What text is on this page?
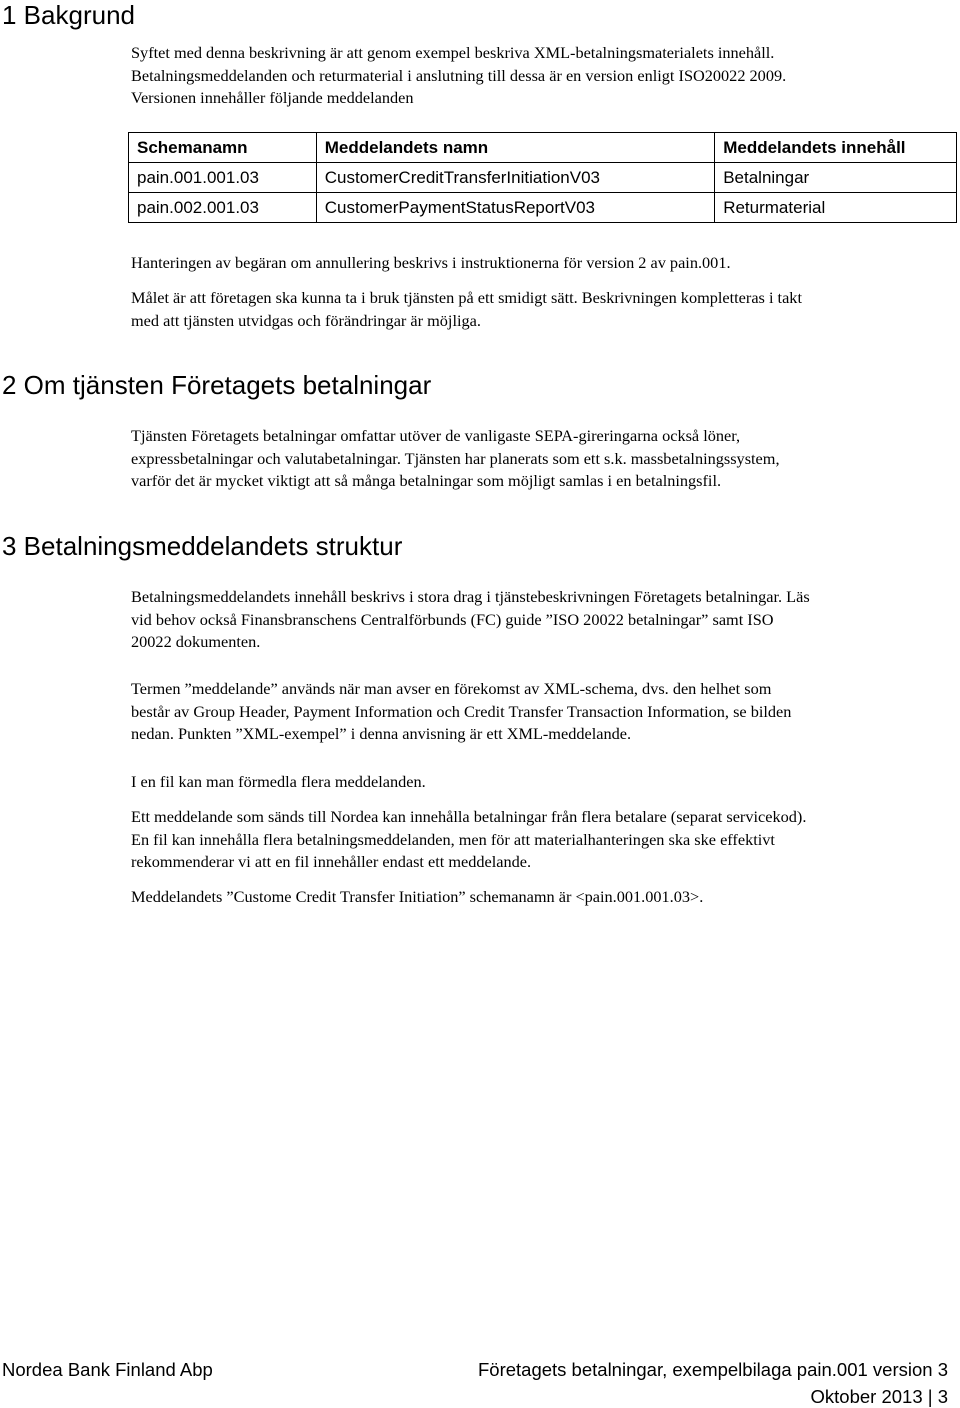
1 Bakgrund

Syftet med denna beskrivning är att genom exempel beskriva XML-betalningsmaterialets innehåll.
Betalningsmeddelanden och returmaterial i anslutning till dessa är en version enligt ISO20022 2009.
Versionen innehåller följande meddelanden

Schemanamn	Meddelandets namn	Meddelandets innehåll
pain.001.001.03	CustomerCreditTransferInitiationV03	Betalningar
pain.002.001.03	CustomerPaymentStatusReportV03	Returmaterial

Hanteringen av begäran om annullering beskrivs i instruktionerna för version 2 av pain.001.

Målet är att företagen ska kunna ta i bruk tjänsten på ett smidigt sätt. Beskrivningen kompletteras i takt
med att tjänsten utvidgas och förändringar är möjliga.

2 Om tjänsten Företagets betalningar

Tjänsten Företagets betalningar omfattar utöver de vanligaste SEPA-gireringarna också löner,
expressbetalningar och valutabetalningar. Tjänsten har planerats som ett s.k. massbetalningssystem,
varför det är mycket viktigt att så många betalningar som möjligt samlas i en betalningsfil.

3 Betalningsmeddelandets struktur

Betalningsmeddelandets innehåll beskrivs i stora drag i tjänstebeskrivningen Företagets betalningar. Läs
vid behov också Finansbranschens Centralförbunds (FC) guide ”ISO 20022 betalningar” samt ISO
20022 dokumenten.

Termen ”meddelande” används när man avser en förekomst av XML-schema, dvs. den helhet som
består av Group Header, Payment Information och Credit Transfer Transaction Information, se bilden
nedan. Punkten ”XML-exempel” i denna anvisning är ett XML-meddelande.

I en fil kan man förmedla flera meddelanden.

Ett meddelande som sänds till Nordea kan innehålla betalningar från flera betalare (separat servicekod).
En fil kan innehålla flera betalningsmeddelanden, men för att materialhanteringen ska ske effektivt
rekommenderar vi att en fil innehåller endast ett meddelande.

Meddelandets ”Custome Credit Transfer Initiation” schemanamn är <pain.001.001.03>.

Nordea Bank Finland Abp	Företagets betalningar, exempelbilaga pain.001 version 3
Oktober 2013 | 3
